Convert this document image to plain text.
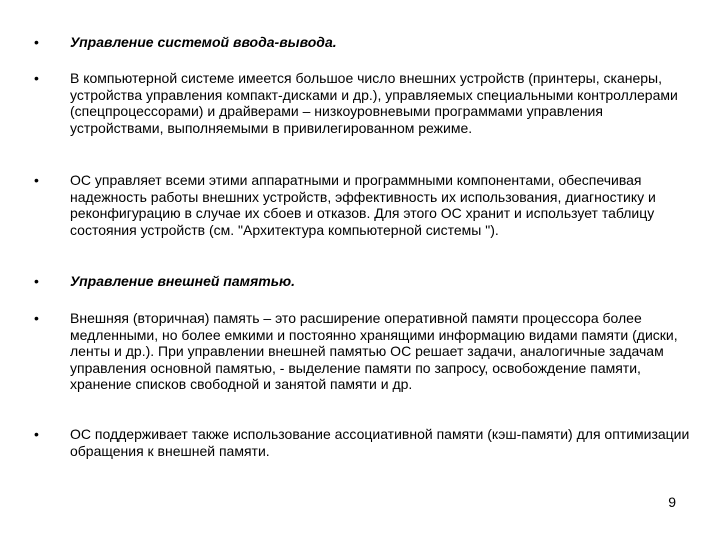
• Управление системой ввода-вывода.
• В компьютерной системе имеется большое число внешних устройств (принтеры, сканеры, устройства управления компакт-дисками и др.), управляемых специальными контроллерами (спецпроцессорами) и драйверами – низкоуровневыми программами управления устройствами, выполняемыми в привилегированном режиме.
• ОС управляет всеми этими аппаратными и программными компонентами, обеспечивая надежность работы внешних устройств, эффективность их использования, диагностику и реконфигурацию в случае их сбоев и отказов. Для этого ОС хранит и использует таблицу состояния устройств (см. "Архитектура компьютерной системы ").
• Управление внешней памятью.
• Внешняя (вторичная) память – это расширение оперативной памяти процессора более медленными, но более емкими и постоянно хранящими информацию видами памяти (диски, ленты и др.). При управлении внешней памятью ОС решает задачи, аналогичные задачам управления основной памятью, - выделение памяти по запросу, освобождение памяти, хранение списков свободной и занятой памяти и др.
• ОС поддерживает также использование ассоциативной памяти (кэш-памяти) для оптимизации обращения к внешней памяти.
9
